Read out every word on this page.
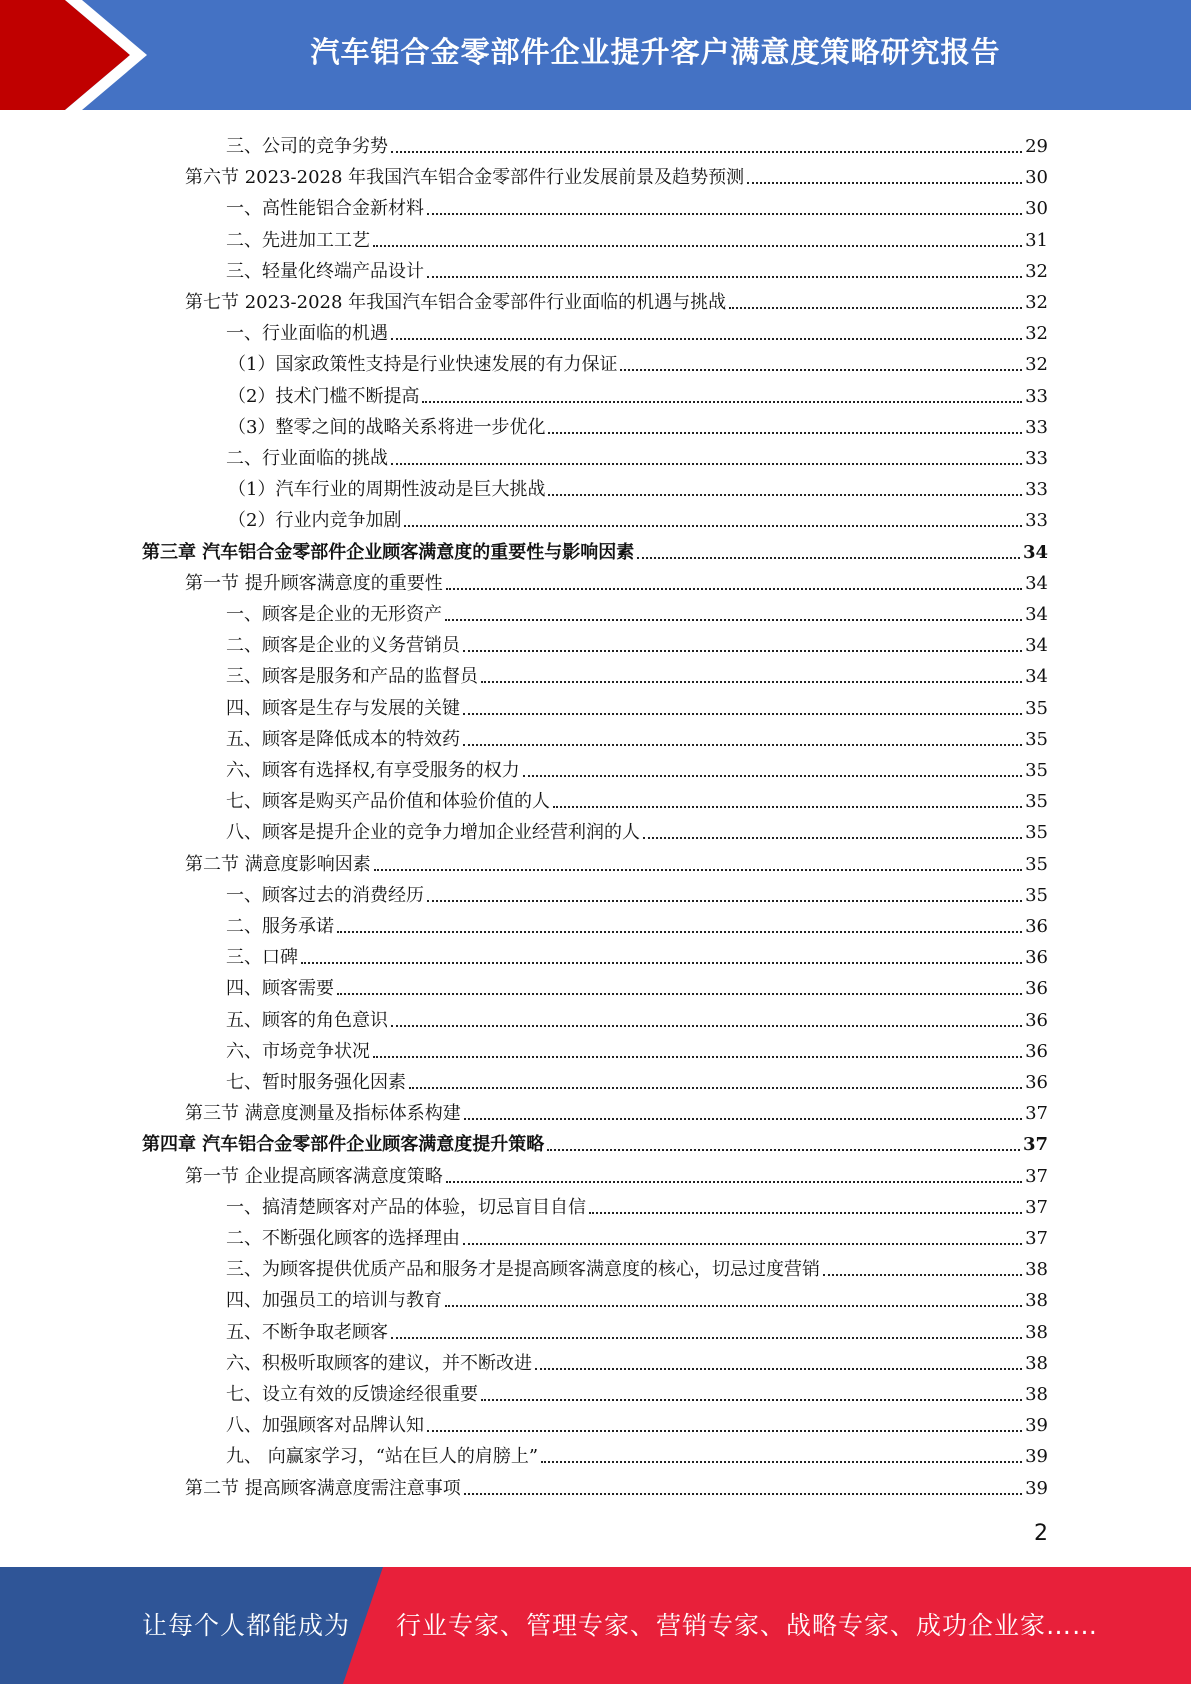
汽车铝合金零部件企业提升客户满意度策略研究报告
三、公司的竞争劣势	29
第六节 2023-2028 年我国汽车铝合金零部件行业发展前景及趋势预测	30
一、高性能铝合金新材料	30
二、先进加工工艺	31
三、轻量化终端产品设计	32
第七节 2023-2028 年我国汽车铝合金零部件行业面临的机遇与挑战	32
一、行业面临的机遇	32
（1）国家政策性支持是行业快速发展的有力保证	32
（2）技术门槛不断提高	33
（3）整零之间的战略关系将进一步优化	33
二、行业面临的挑战	33
（1）汽车行业的周期性波动是巨大挑战	33
（2）行业内竞争加剧	33
第三章 汽车铝合金零部件企业顾客满意度的重要性与影响因素	34
第一节 提升顾客满意度的重要性	34
一、顾客是企业的无形资产	34
二、顾客是企业的义务营销员	34
三、顾客是服务和产品的监督员	34
四、顾客是生存与发展的关键	35
五、顾客是降低成本的特效药	35
六、顾客有选择权,有享受服务的权力	35
七、顾客是购买产品价值和体验价值的人	35
八、顾客是提升企业的竞争力增加企业经营利润的人	35
第二节 满意度影响因素	35
一、顾客过去的消费经历	35
二、服务承诺	36
三、口碑	36
四、顾客需要	36
五、顾客的角色意识	36
六、市场竞争状况	36
七、暂时服务强化因素	36
第三节 满意度测量及指标体系构建	37
第四章 汽车铝合金零部件企业顾客满意度提升策略	37
第一节 企业提高顾客满意度策略	37
一、搞清楚顾客对产品的体验，切忌盲目自信	37
二、不断强化顾客的选择理由	37
三、为顾客提供优质产品和服务才是提高顾客满意度的核心，切忌过度营销	38
四、加强员工的培训与教育	38
五、不断争取老顾客	38
六、积极听取顾客的建议，并不断改进	38
七、设立有效的反馈途经很重要	38
八、加强顾客对品牌认知	39
九、 向赢家学习，“站在巨人的肩膀上”	39
第二节 提高顾客满意度需注意事项	39
2
让每个人都能成为 行业专家、管理专家、营销专家、战略专家、成功企业家……
